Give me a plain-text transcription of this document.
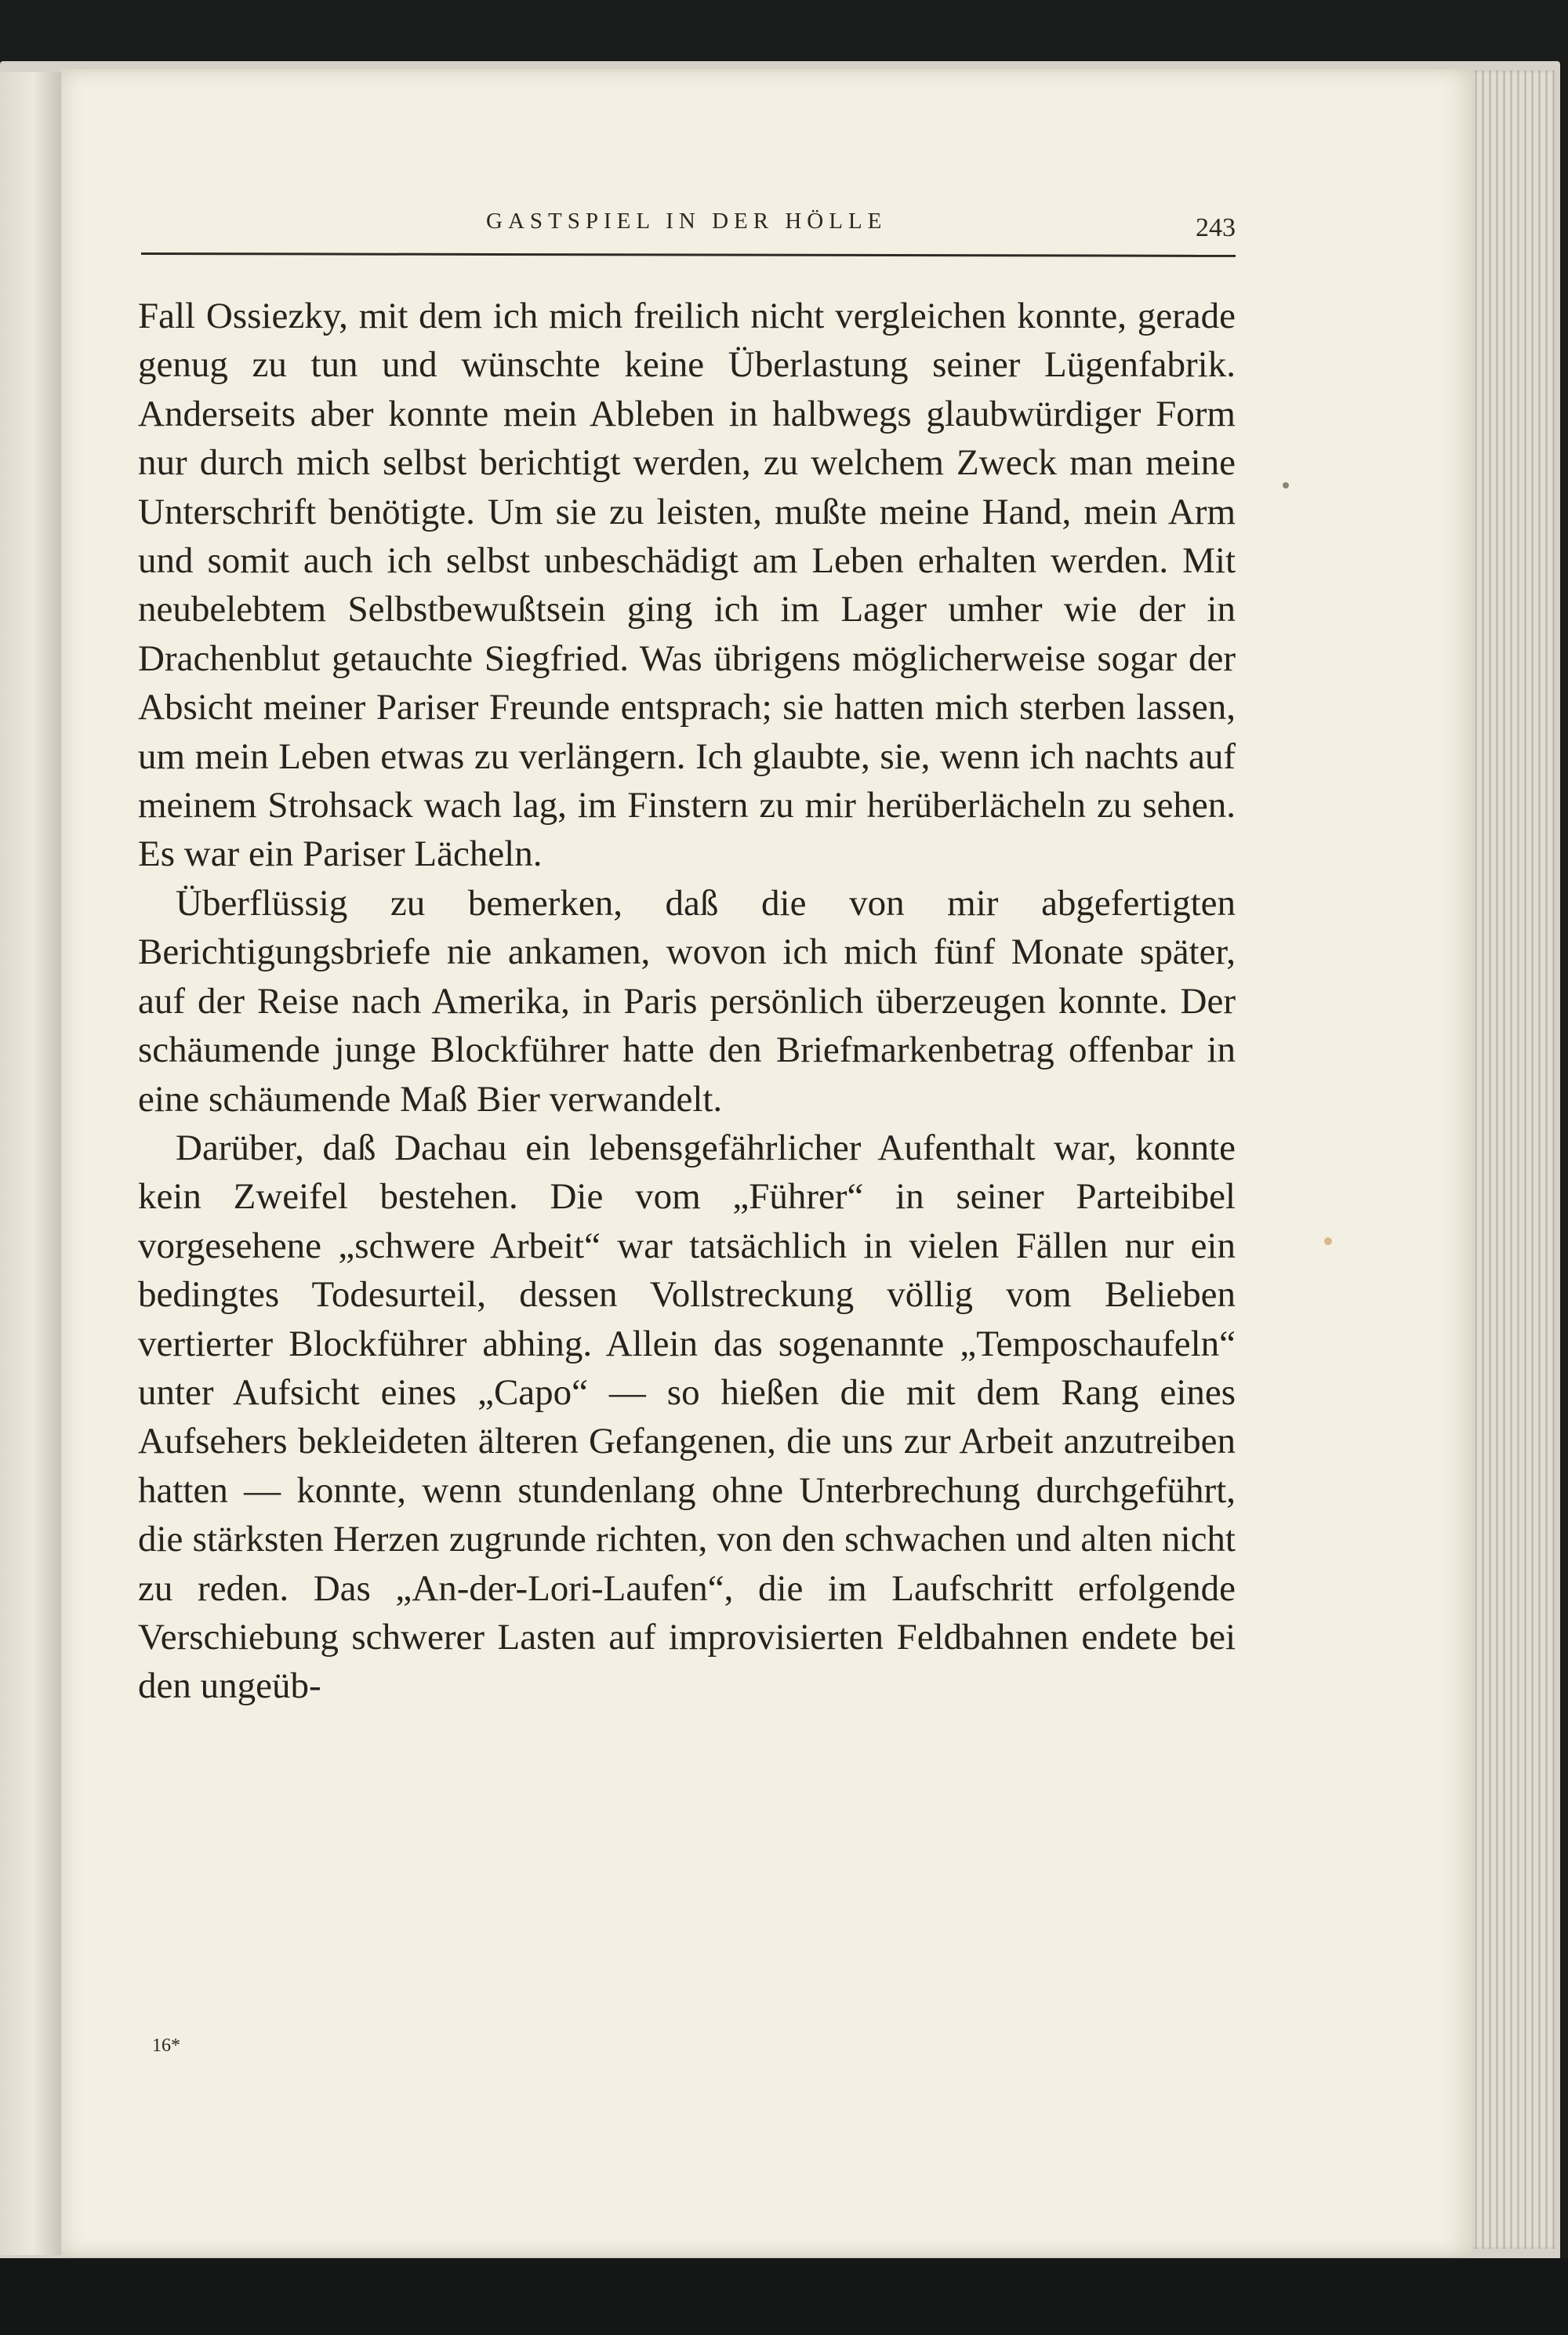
GASTSPIEL IN DER HÖLLE	243

Fall Ossiezky, mit dem ich mich freilich nicht vergleichen konnte, gerade genug zu tun und wünschte keine Überlastung seiner Lügenfabrik. Anderseits aber konnte mein Ableben in halbwegs glaubwürdiger Form nur durch mich selbst berichtigt werden, zu welchem Zweck man meine Unterschrift benötigte. Um sie zu leisten, mußte meine Hand, mein Arm und somit auch ich selbst unbeschädigt am Leben erhalten werden. Mit neubelebtem Selbstbewußtsein ging ich im Lager umher wie der in Drachenblut getauchte Siegfried. Was übrigens möglicherweise sogar der Absicht meiner Pariser Freunde entsprach; sie hatten mich sterben lassen, um mein Leben etwas zu verlängern. Ich glaubte, sie, wenn ich nachts auf meinem Strohsack wach lag, im Finstern zu mir herüberlächeln zu sehen. Es war ein Pariser Lächeln.

Überflüssig zu bemerken, daß die von mir abgefertigten Berichtigungsbriefe nie ankamen, wovon ich mich fünf Monate später, auf der Reise nach Amerika, in Paris persönlich überzeugen konnte. Der schäumende junge Blockführer hatte den Briefmarkenbetrag offenbar in eine schäumende Maß Bier verwandelt.

Darüber, daß Dachau ein lebensgefährlicher Aufenthalt war, konnte kein Zweifel bestehen. Die vom „Führer“ in seiner Parteibibel vorgesehene „schwere Arbeit“ war tatsächlich in vielen Fällen nur ein bedingtes Todesurteil, dessen Vollstreckung völlig vom Belieben vertierter Blockführer abhing. Allein das sogenannte „Temposchaufeln“ unter Aufsicht eines „Capo“ — so hießen die mit dem Rang eines Aufsehers bekleideten älteren Gefangenen, die uns zur Arbeit anzutreiben hatten — konnte, wenn stundenlang ohne Unterbrechung durchgeführt, die stärksten Herzen zugrunde richten, von den schwachen und alten nicht zu reden. Das „An-der-Lori-Laufen“, die im Laufschritt erfolgende Verschiebung schwerer Lasten auf improvisierten Feldbahnen endete bei den ungeüb-

16*
